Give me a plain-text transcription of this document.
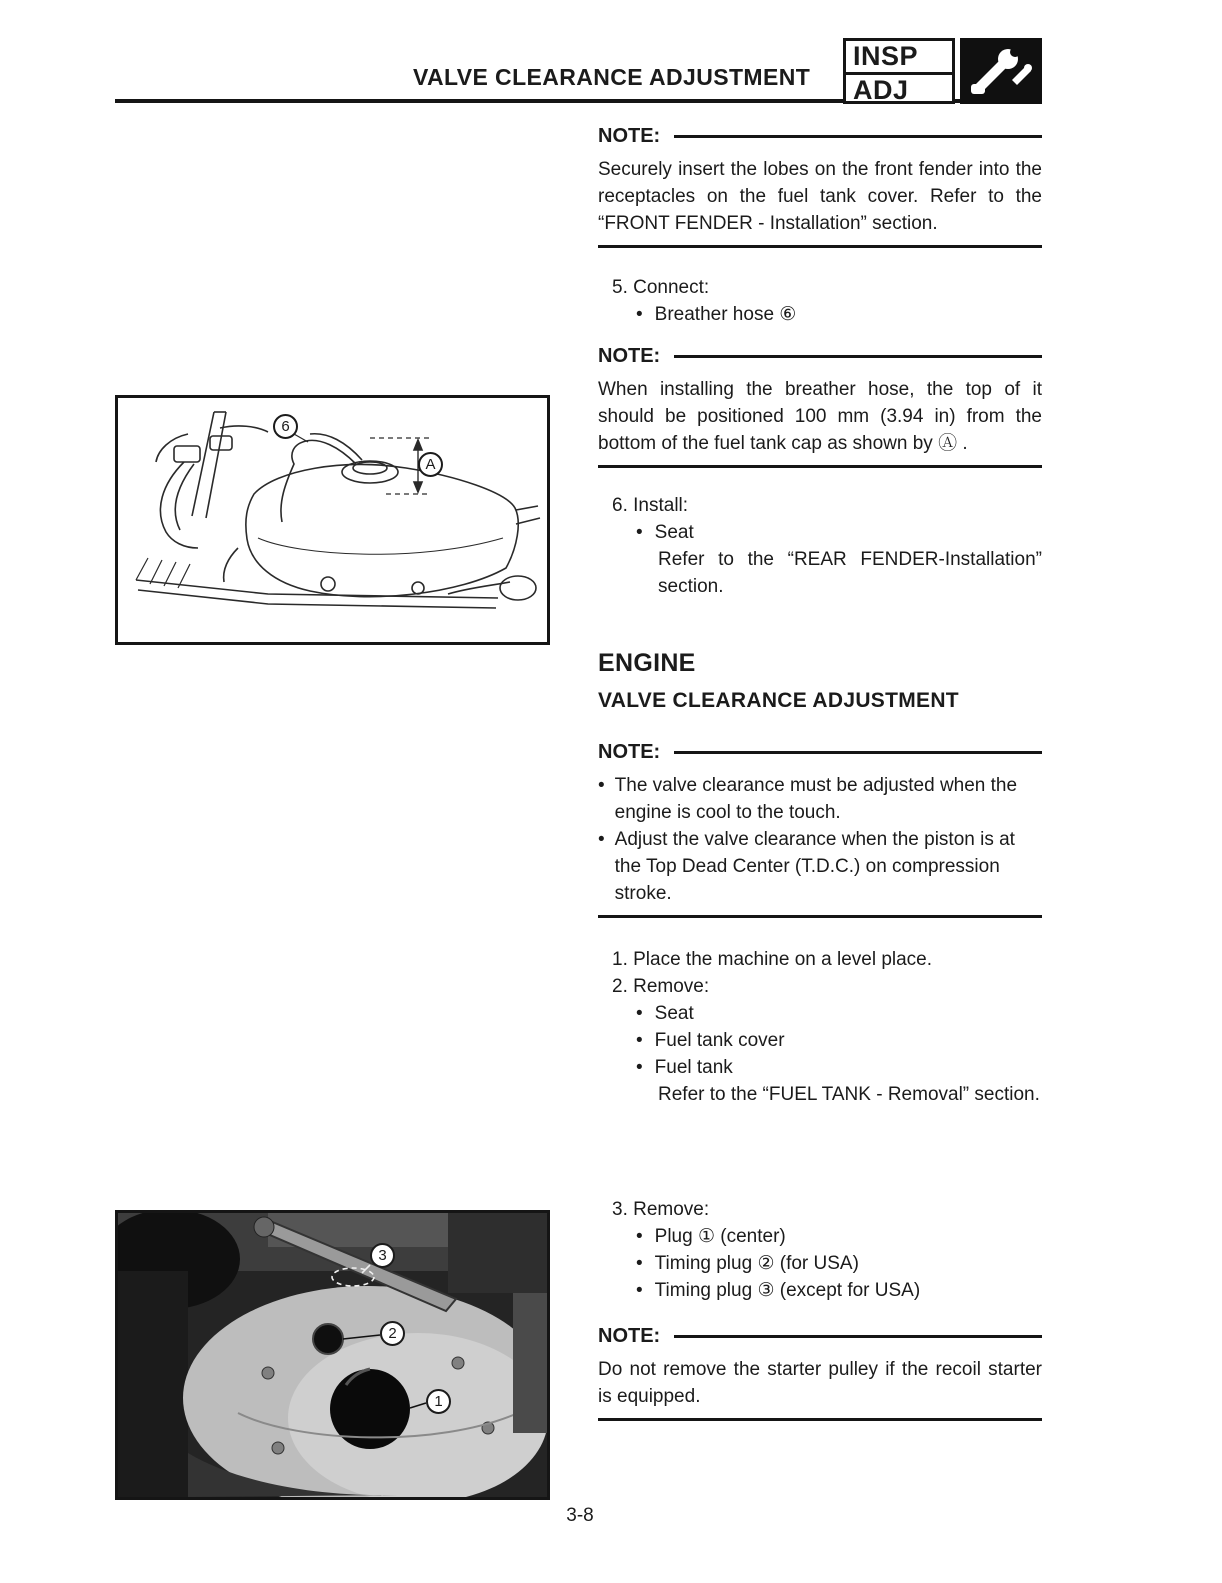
VALVE CLEARANCE ADJUSTMENT
INSP
ADJ
6
A
3
2
1
NOTE:

Securely insert the lobes on the front fender into the receptacles on the fuel tank cover. Refer to the “FRONT FENDER - Installation” section.

5. Connect:
• Breather hose ⑥
NOTE:

When installing the breather hose, the top of it should be positioned 100 mm (3.94 in) from the bottom of the fuel tank cap as shown by Ⓐ .

6. Install:
• Seat
Refer to the “REAR FENDER-Installation” section.
ENGINE
VALVE CLEARANCE ADJUSTMENT
NOTE:
• The valve clearance must be adjusted when the engine is cool to the touch.
• Adjust the valve clearance when the piston is at the Top Dead Center (T.D.C.) on compression stroke.
1. Place the machine on a level place.
2. Remove:
• Seat
• Fuel tank cover
• Fuel tank
Refer to the “FUEL TANK - Removal” section.
3. Remove:
• Plug ① (center)
• Timing plug ② (for USA)
• Timing plug ③ (except for USA)
NOTE:

Do not remove the starter pulley if the recoil starter is equipped.

3-8
